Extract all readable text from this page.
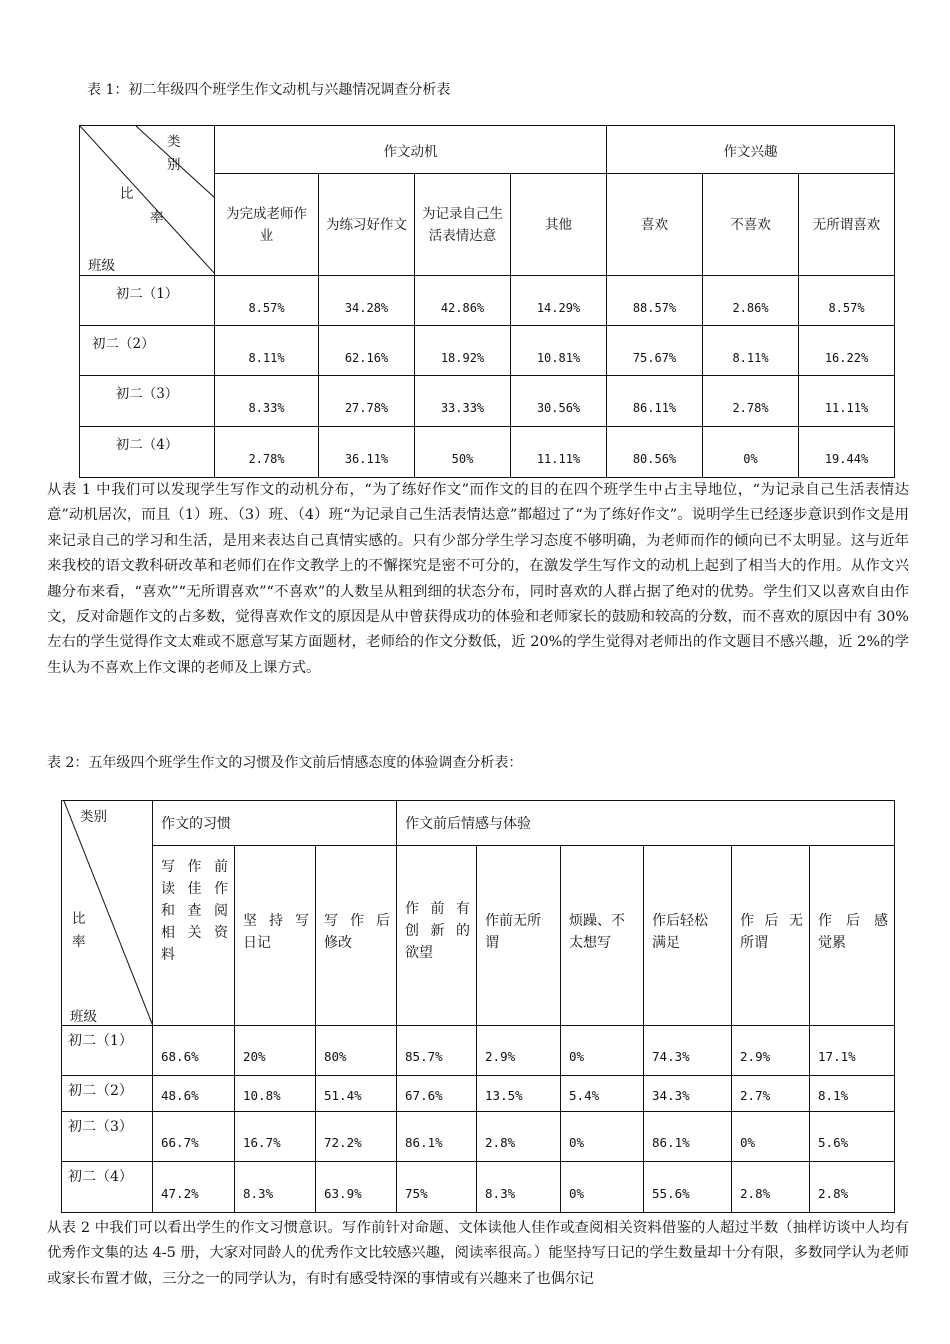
表 1：初二年级四个班学生作文动机与兴趣情况调查分析表
类
别
比
率
班级	作文动机				作文兴趣		
	为完成老师作业	为练习好作文	为记录自己生活表情达意	其他	喜欢	不喜欢	无所谓喜欢
初二（1）	8.57%	34.28%	42.86%	14.29%	88.57%	2.86%	8.57%
初二（2）	8.11%	62.16%	18.92%	10.81%	75.67%	8.11%	16.22%
初二（3）	8.33%	27.78%	33.33%	30.56%	86.11%	2.78%	11.11%
初二（4）	2.78%	36.11%	50%	11.11%	80.56%	0%	19.44%
从表 1 中我们可以发现学生写作文的动机分布，“为了练好作文”而作文的目的在四个班学生中占主导地位，“为记录自己生活表情达意”动机居次，而且（1）班、（3）班、（4）班“为记录自己生活表情达意”都超过了“为了练好作文”。说明学生已经逐步意识到作文是用来记录自己的学习和生活，是用来表达自己真情实感的。只有少部分学生学习态度不够明确，为老师而作的倾向已不太明显。这与近年来我校的语文教科研改革和老师们在作文教学上的不懈探究是密不可分的，在激发学生写作文的动机上起到了相当大的作用。从作文兴趣分布来看，“喜欢”“无所谓喜欢”“不喜欢”的人数呈从粗到细的状态分布，同时喜欢的人群占据了绝对的优势。学生们又以喜欢自由作文，反对命题作文的占多数，觉得喜欢作文的原因是从中曾获得成功的体验和老师家长的鼓励和较高的分数，而不喜欢的原因中有 30%左右的学生觉得作文太难或不愿意写某方面题材，老师给的作文分数低，近 20%的学生觉得对老师出的作文题目不感兴趣，近 2%的学生认为不喜欢上作文课的老师及上课方式。
表 2：五年级四个班学生作文的习惯及作文前后情感态度的体验调查分析表：
类别
比
率
班级	作文的习惯			作文前后情感与体验					

	写作前
读佳作
和查阅
相关资
料	坚持写
日记	写作后
修改	作前有
创新的
欲望	作前无所
谓	烦躁、不
太想写	作后轻松
满足	作后无
所谓	作后感
觉累

初二（1）	68.6%	20%	80%	85.7%	2.9%	0%	74.3%	2.9%	17.1%
初二（2）	48.6%	10.8%	51.4%	67.6%	13.5%	5.4%	34.3%	2.7%	8.1%
初二（3）	66.7%	16.7%	72.2%	86.1%	2.8%	0%	86.1%	0%	5.6%
初二（4）	47.2%	8.3%	63.9%	75%	8.3%	0%	55.6%	2.8%	2.8%
从表 2 中我们可以看出学生的作文习惯意识。写作前针对命题、文体读他人佳作或查阅相关资料借鉴的人超过半数（抽样访谈中人均有优秀作文集的达 4-5 册，大家对同龄人的优秀作文比较感兴趣，阅读率很高。）能坚持写日记的学生数量却十分有限，多数同学认为老师或家长布置才做，三分之一的同学认为，有时有感受特深的事情或有兴趣来了也偶尔记
